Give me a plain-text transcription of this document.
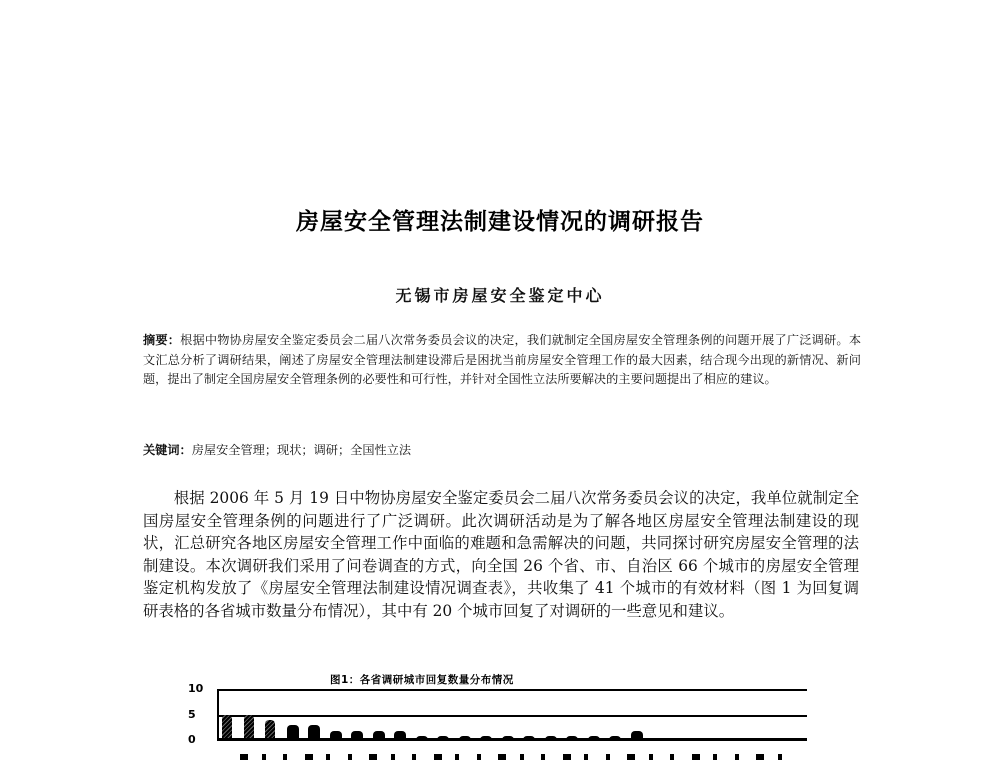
房屋安全管理法制建设情况的调研报告
无锡市房屋安全鉴定中心
摘要：根据中物协房屋安全鉴定委员会二届八次常务委员会议的决定，我们就制定全国房屋安全管理条例的问题开展了广泛调研。本文汇总分析了调研结果，阐述了房屋安全管理法制建设滞后是困扰当前房屋安全管理工作的最大因素，结合现今出现的新情况、新问题，提出了制定全国房屋安全管理条例的必要性和可行性，并针对全国性立法所要解决的主要问题提出了相应的建议。
关键词：房屋安全管理；现状；调研；全国性立法
根据 2006 年 5 月 19 日中物协房屋安全鉴定委员会二届八次常务委员会议的决定，我单位就制定全国房屋安全管理条例的问题进行了广泛调研。此次调研活动是为了解各地区房屋安全管理法制建设的现状，汇总研究各地区房屋安全管理工作中面临的难题和急需解决的问题，共同探讨研究房屋安全管理的法制建设。本次调研我们采用了问卷调查的方式，向全国 26 个省、市、自治区 66 个城市的房屋安全管理鉴定机构发放了《房屋安全管理法制建设情况调查表》，共收集了 41 个城市的有效材料（图 1 为回复调研表格的各省城市数量分布情况），其中有 20 个城市回复了对调研的一些意见和建议。
图1：各省调研城市回复数量分布情况
10
5
0
